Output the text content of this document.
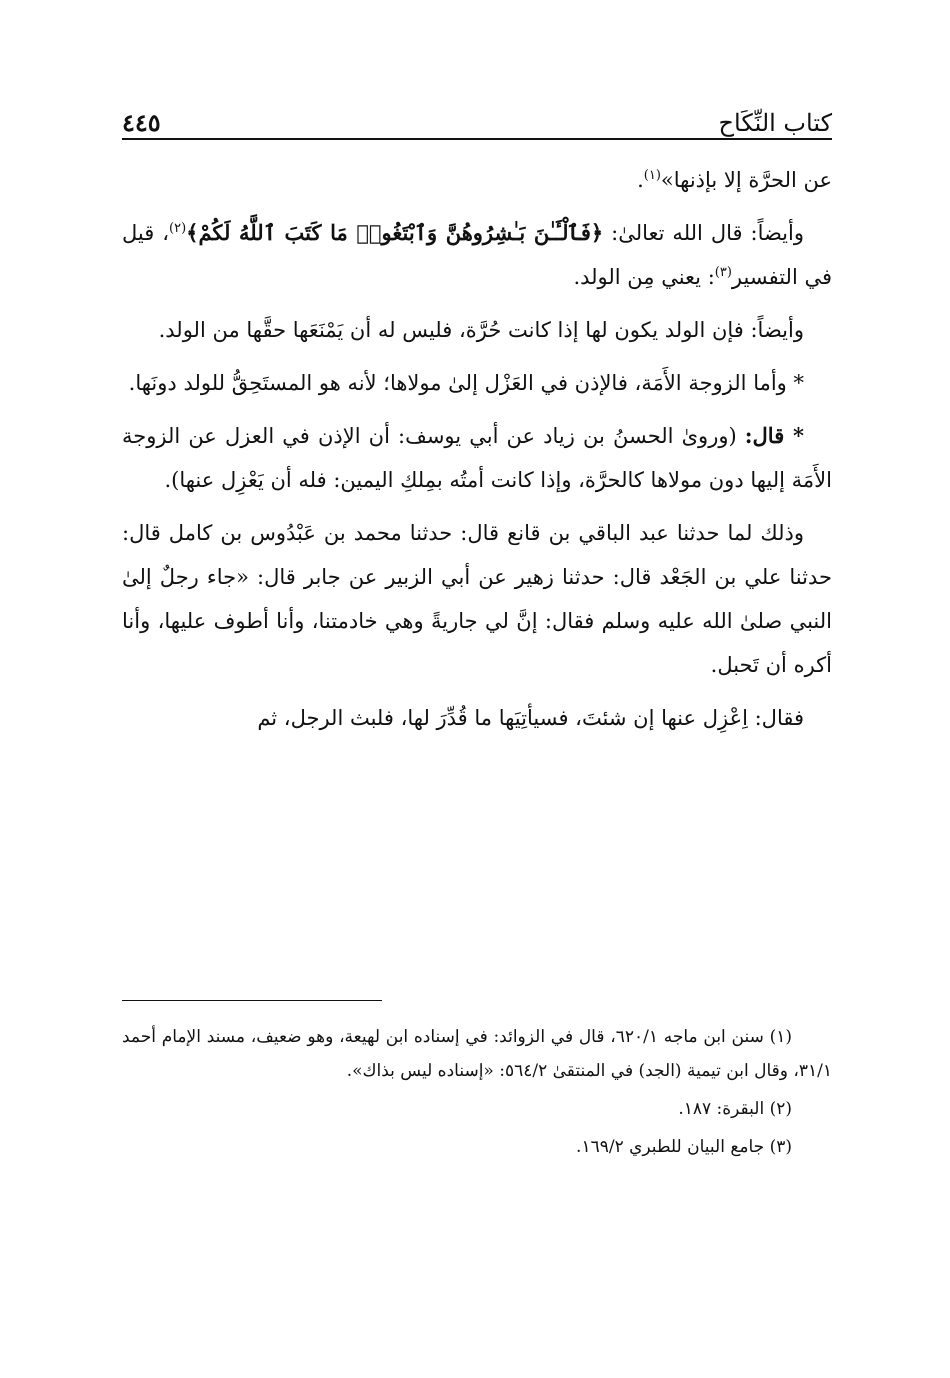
كتاب النِّكَاح
٤٤٥

عن الحرَّة إلا بإذنها»$^{(١)}$.

وأيضاً: قال الله تعالىٰ: ﴿فَٱلْـَٔـٰنَ بَـٰشِرُوهُنَّ وَٱبْتَغُوا۟ مَا كَتَبَ ٱللَّهُ لَكُمْ﴾$^{(٢)}$، قيل في التفسير$^{(٣)}$: يعني مِن الولد.

وأيضاً: فإن الولد يكون لها إذا كانت حُرَّة، فليس له أن يَمْنَعَها حقَّها من الولد.

* وأما الزوجة الأَمَة، فالإذن في العَزْل إلىٰ مولاها؛ لأنه هو المستَحِقُّ للولد دونَها.

* قال: (وروىٰ الحسنُ بن زياد عن أبي يوسف: أن الإذن في العزل عن الزوجة الأَمَة إليها دون مولاها كالحرَّة، وإذا كانت أمتُه بمِلكِ اليمين: فله أن يَعْزِل عنها).

وذلك لما حدثنا عبد الباقي بن قانع قال: حدثنا محمد بن عَبْدُوس بن كامل قال: حدثنا علي بن الجَعْد قال: حدثنا زهير عن أبي الزبير عن جابر قال: «جاء رجلٌ إلىٰ النبي صلىٰ الله عليه وسلم فقال: إنَّ لي جاريةً وهي خادمتنا، وأنا أطوف عليها، وأنا أكره أن تَحبل.

فقال: اِعْزِل عنها إن شئتَ، فسيأتِيَها ما قُدِّرَ لها، فلبث الرجل، ثم

(١) سنن ابن ماجه ٦٢٠/١، قال في الزوائد: في إسناده ابن لهيعة، وهو ضعيف، مسند الإمام أحمد ٣١/١، وقال ابن تيمية (الجد) في المنتقىٰ ٥٦٤/٢: «إسناده ليس بذاك».

(٢) البقرة: ١٨٧.

(٣) جامع البيان للطبري ١٦٩/٢.
